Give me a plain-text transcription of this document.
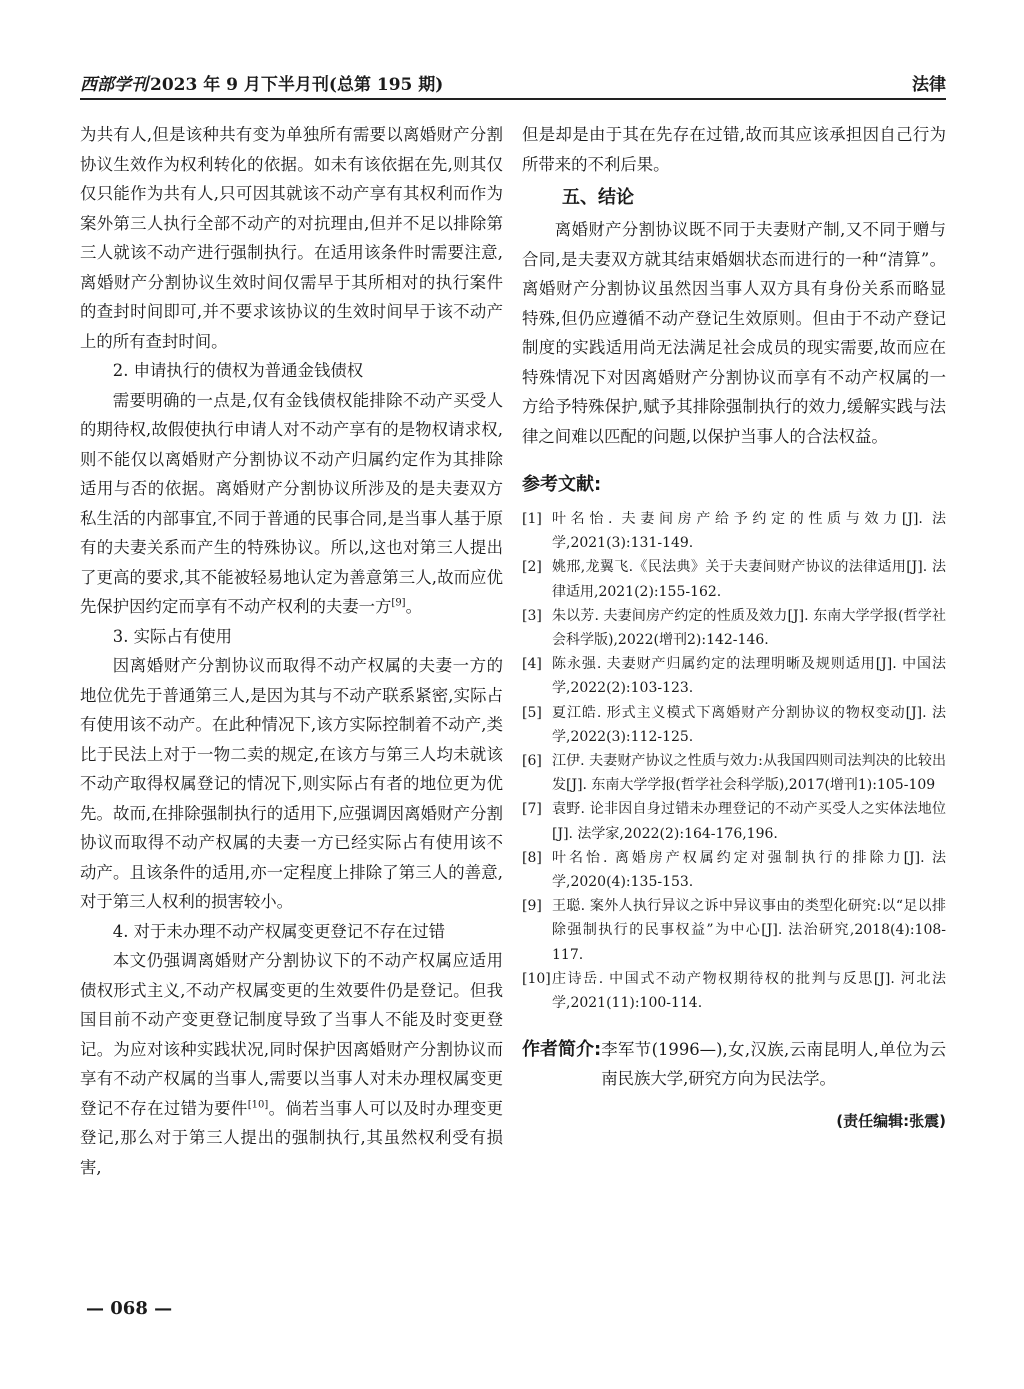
西部学刊 2023 年 9 月下半月刊(总第 195 期)	法律

为共有人,但是该种共有变为单独所有需要以离婚财产分割协议生效作为权利转化的依据。如未有该依据在先,则其仅仅只能作为共有人,只可因其就该不动产享有其权利而作为案外第三人执行全部不动产的对抗理由,但并不足以排除第三人就该不动产进行强制执行。在适用该条件时需要注意,离婚财产分割协议生效时间仅需早于其所相对的执行案件的查封时间即可,并不要求该协议的生效时间早于该不动产上的所有查封时间。

2. 申请执行的债权为普通金钱债权

需要明确的一点是,仅有金钱债权能排除不动产买受人的期待权,故假使执行申请人对不动产享有的是物权请求权,则不能仅以离婚财产分割协议不动产归属约定作为其排除适用与否的依据。离婚财产分割协议所涉及的是夫妻双方私生活的内部事宜,不同于普通的民事合同,是当事人基于原有的夫妻关系而产生的特殊协议。所以,这也对第三人提出了更高的要求,其不能被轻易地认定为善意第三人,故而应优先保护因约定而享有不动产权利的夫妻一方[9]。

3. 实际占有使用

因离婚财产分割协议而取得不动产权属的夫妻一方的地位优先于普通第三人,是因为其与不动产联系紧密,实际占有使用该不动产。在此种情况下,该方实际控制着不动产,类比于民法上对于一物二卖的规定,在该方与第三人均未就该不动产取得权属登记的情况下,则实际占有者的地位更为优先。故而,在排除强制执行的适用下,应强调因离婚财产分割协议而取得不动产权属的夫妻一方已经实际占有使用该不动产。且该条件的适用,亦一定程度上排除了第三人的善意,对于第三人权利的损害较小。

4. 对于未办理不动产权属变更登记不存在过错

本文仍强调离婚财产分割协议下的不动产权属应适用债权形式主义,不动产权属变更的生效要件仍是登记。但我国目前不动产变更登记制度导致了当事人不能及时变更登记。为应对该种实践状况,同时保护因离婚财产分割协议而享有不动产权属的当事人,需要以当事人对未办理权属变更登记不存在过错为要件[10]。倘若当事人可以及时办理变更登记,那么对于第三人提出的强制执行,其虽然权利受有损害,

但是却是由于其在先存在过错,故而其应该承担因自己行为所带来的不利后果。

五、结论

离婚财产分割协议既不同于夫妻财产制,又不同于赠与合同,是夫妻双方就其结束婚姻状态而进行的一种“清算”。离婚财产分割协议虽然因当事人双方具有身份关系而略显特殊,但仍应遵循不动产登记生效原则。但由于不动产登记制度的实践适用尚无法满足社会成员的现实需要,故而应在特殊情况下对因离婚财产分割协议而享有不动产权属的一方给予特殊保护,赋予其排除强制执行的效力,缓解实践与法律之间难以匹配的问题,以保护当事人的合法权益。

参考文献:
[1] 叶名怡. 夫妻间房产给予约定的性质与效力[J]. 法学,2021(3):131-149.
[2] 姚邢,龙翼飞.《民法典》关于夫妻间财产协议的法律适用[J]. 法律适用,2021(2):155-162.
[3] 朱以芳. 夫妻间房产约定的性质及效力[J]. 东南大学学报(哲学社会科学版),2022(增刊2):142-146.
[4] 陈永强. 夫妻财产归属约定的法理明晰及规则适用[J]. 中国法学,2022(2):103-123.
[5] 夏江皓. 形式主义模式下离婚财产分割协议的物权变动[J]. 法学,2022(3):112-125.
[6] 江伊. 夫妻财产协议之性质与效力:从我国四则司法判决的比较出发[J]. 东南大学学报(哲学社会科学版),2017(增刊1):105-109
[7] 袁野. 论非因自身过错未办理登记的不动产买受人之实体法地位[J]. 法学家,2022(2):164-176,196.
[8] 叶名怡. 离婚房产权属约定对强制执行的排除力[J]. 法学,2020(4):135-153.
[9] 王聪. 案外人执行异议之诉中异议事由的类型化研究:以“足以排除强制执行的民事权益”为中心[J]. 法治研究,2018(4):108-117.
[10] 庄诗岳. 中国式不动产物权期待权的批判与反思[J]. 河北法学,2021(11):100-114.
作者简介: 李军节(1996—),女,汉族,云南昆明人,单位为云南民族大学,研究方向为民法学。
(责任编辑:张震)
— 068 —
